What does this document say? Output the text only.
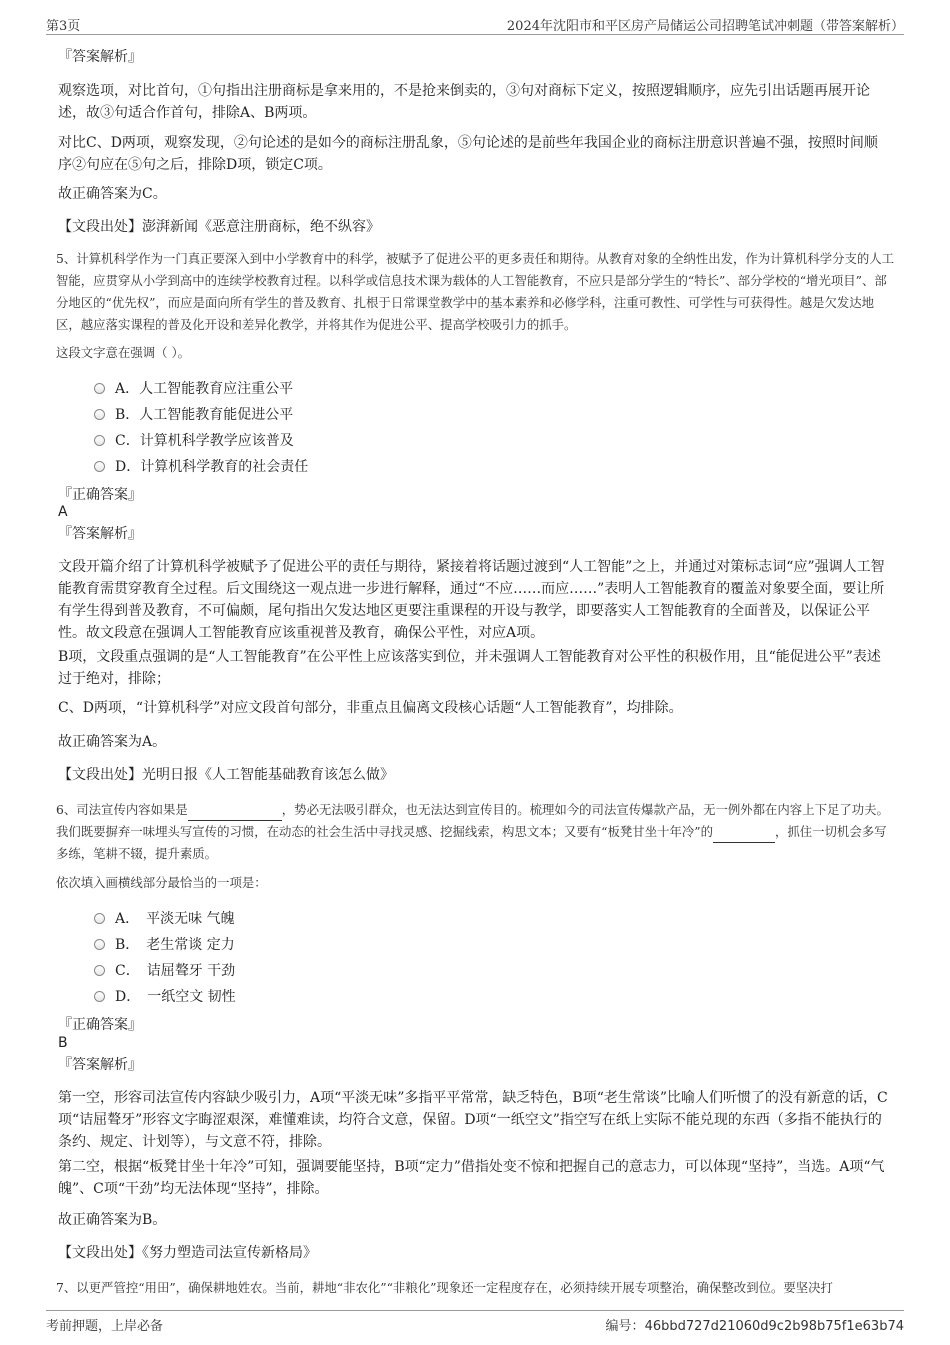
第3页	2024年沈阳市和平区房产局储运公司招聘笔试冲刺题（带答案解析）

『答案解析』

观察选项，对比首句，①句指出注册商标是拿来用的，不是抢来倒卖的，③句对商标下定义，按照逻辑顺序，应先引出话题再展开论述，故③句适合作首句，排除A、B两项。

对比C、D两项，观察发现，②句论述的是如今的商标注册乱象，⑤句论述的是前些年我国企业的商标注册意识普遍不强，按照时间顺序②句应在⑤句之后，排除D项，锁定C项。

故正确答案为C。

【文段出处】澎湃新闻《恶意注册商标，绝不纵容》

5、计算机科学作为一门真正要深入到中小学教育中的科学，被赋予了促进公平的更多责任和期待。从教育对象的全纳性出发，作为计算机科学分支的人工智能，应贯穿从小学到高中的连续学校教育过程。以科学或信息技术课为载体的人工智能教育，不应只是部分学生的“特长”、部分学校的“增光项目”、部分地区的“优先权”，而应是面向所有学生的普及教育、扎根于日常课堂教学中的基本素养和必修学科，注重可教性、可学性与可获得性。越是欠发达地区，越应落实课程的普及化开设和差异化教学，并将其作为促进公平、提高学校吸引力的抓手。

这段文字意在强调（ ）。

A．人工智能教育应注重公平
B．人工智能教育能促进公平
C．计算机科学教学应该普及
D．计算机科学教育的社会责任

『正确答案』

A

『答案解析』

文段开篇介绍了计算机科学被赋予了促进公平的责任与期待，紧接着将话题过渡到“人工智能”之上，并通过对策标志词“应”强调人工智能教育需贯穿教育全过程。后文围绕这一观点进一步进行解释，通过“不应……而应……”表明人工智能教育的覆盖对象要全面，要让所有学生得到普及教育，不可偏颇，尾句指出欠发达地区更要注重课程的开设与教学，即要落实人工智能教育的全面普及，以保证公平性。故文段意在强调人工智能教育应该重视普及教育，确保公平性，对应A项。

B项，文段重点强调的是“人工智能教育”在公平性上应该落实到位，并未强调人工智能教育对公平性的积极作用，且“能促进公平”表述过于绝对，排除；

C、D两项，“计算机科学”对应文段首句部分，非重点且偏离文段核心话题“人工智能教育”，均排除。

故正确答案为A。

【文段出处】光明日报《人工智能基础教育该怎么做》

6、司法宣传内容如果是	，势必无法吸引群众，也无法达到宣传目的。梳理如今的司法宣传爆款产品，无一例外都在内容上下足了功夫。我们既要摒弃一味埋头写宣传的习惯，在动态的社会生活中寻找灵感、挖掘线索，构思文本；又要有“板凳甘坐十年冷”的	，抓住一切机会多写多练，笔耕不辍，提升素质。

依次填入画横线部分最恰当的一项是：

A．　平淡无味 气魄
B．　老生常谈 定力
C．　诘屈聱牙 干劲
D．　一纸空文 韧性

『正确答案』

B

『答案解析』

第一空，形容司法宣传内容缺少吸引力，A项“平淡无味”多指平平常常，缺乏特色，B项“老生常谈”比喻人们听惯了的没有新意的话，C项“诘屈聱牙”形容文字晦涩艰深，难懂难读，均符合文意，保留。D项“一纸空文”指空写在纸上实际不能兑现的东西（多指不能执行的条约、规定、计划等），与文意不符，排除。

第二空，根据“板凳甘坐十年冷”可知，强调要能坚持，B项“定力”借指处变不惊和把握自己的意志力，可以体现“坚持”，当选。A项“气魄”、C项“干劲”均无法体现“坚持”，排除。

故正确答案为B。

【文段出处】《努力塑造司法宣传新格局》

7、以更严管控“用田”，确保耕地姓农。当前，耕地“非农化”“非粮化”现象还一定程度存在，必须持续开展专项整治，确保整改到位。要坚决打

考前押题，上岸必备	编号：46bbd727d21060d9c2b98b75f1e63b74
